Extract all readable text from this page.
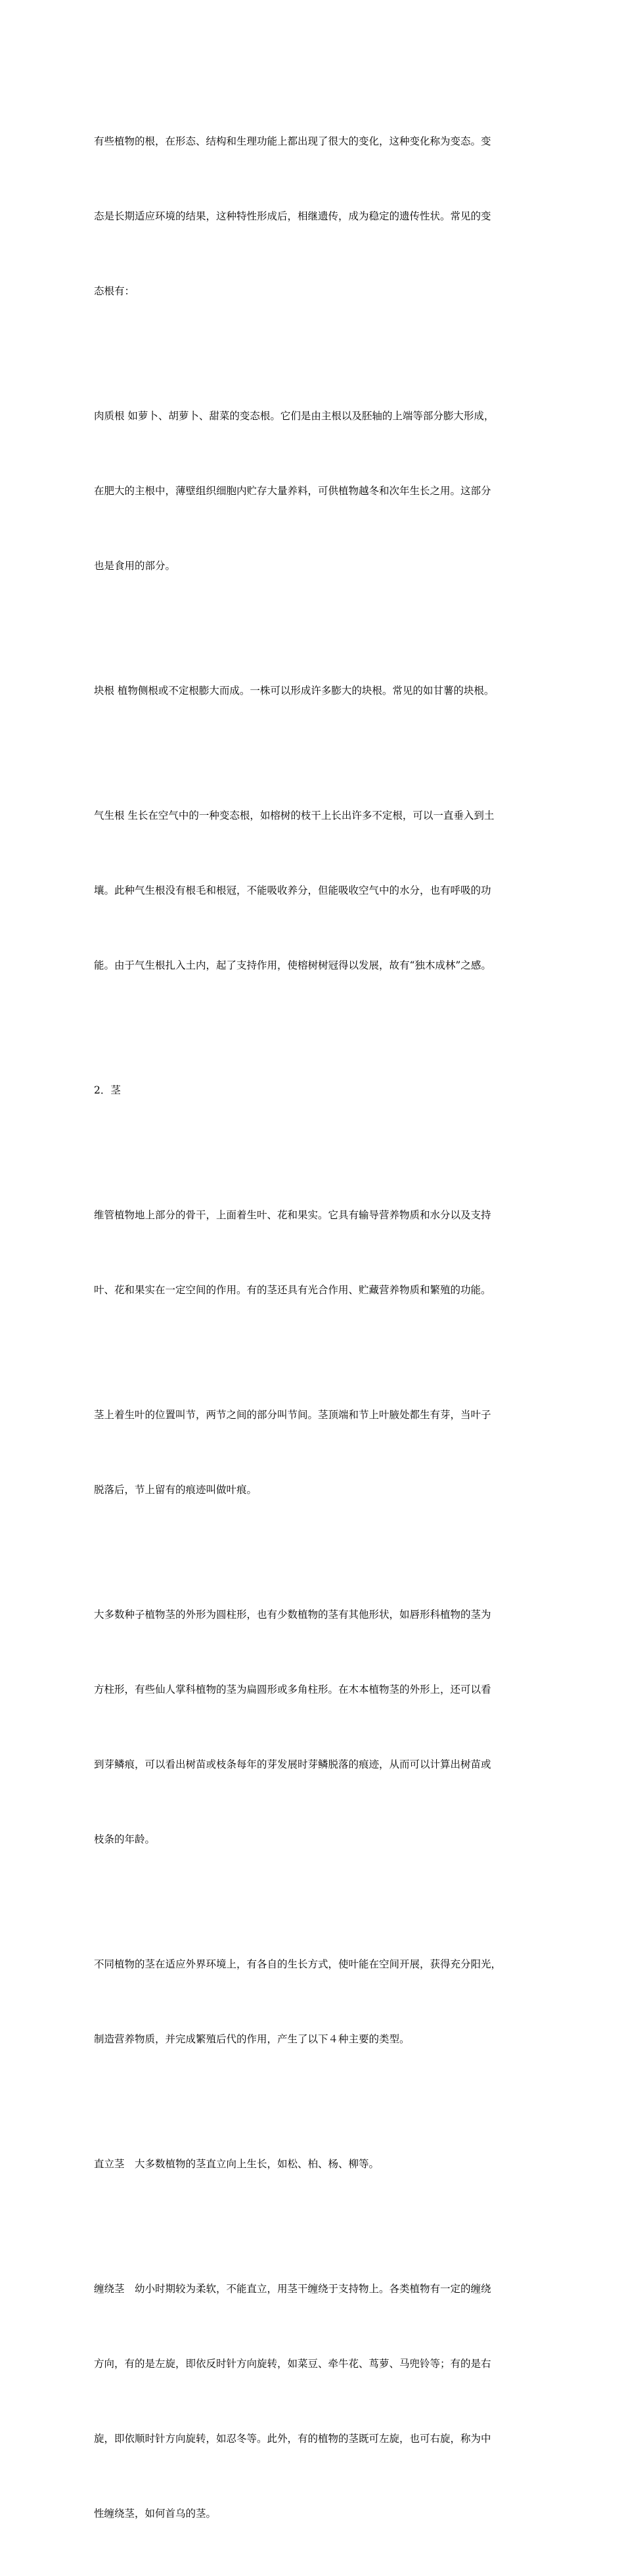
有些植物的根，在形态、结构和生理功能上都出现了很大的变化，这种变化称为变态。变

态是长期适应环境的结果，这种特性形成后，相继遗传，成为稳定的遗传性状。常见的变

态根有：

肉质根 如萝卜、胡萝卜、甜菜的变态根。它们是由主根以及胚轴的上端等部分膨大形成，

在肥大的主根中，薄壁组织细胞内贮存大量养料，可供植物越冬和次年生长之用。这部分

也是食用的部分。

块根 植物侧根或不定根膨大而成。一株可以形成许多膨大的块根。常见的如甘薯的块根。

气生根 生长在空气中的一种变态根，如榕树的枝干上长出许多不定根，可以一直垂入到土

壤。此种气生根没有根毛和根冠，不能吸收养分，但能吸收空气中的水分，也有呼吸的功

能。由于气生根扎入土内，起了支持作用，使榕树树冠得以发展，故有“独木成林”之感。

2．茎

维管植物地上部分的骨干，上面着生叶、花和果实。它具有输导营养物质和水分以及支持

叶、花和果实在一定空间的作用。有的茎还具有光合作用、贮藏营养物质和繁殖的功能。

茎上着生叶的位置叫节，两节之间的部分叫节间。茎顶端和节上叶腋处都生有芽，当叶子

脱落后，节上留有的痕迹叫做叶痕。

大多数种子植物茎的外形为圆柱形，也有少数植物的茎有其他形状，如唇形科植物的茎为

方柱形，有些仙人掌科植物的茎为扁圆形或多角柱形。在木本植物茎的外形上，还可以看

到芽鳞痕，可以看出树苗或枝条每年的芽发展时芽鳞脱落的痕迹，从而可以计算出树苗或

枝条的年龄。

不同植物的茎在适应外界环境上，有各自的生长方式，使叶能在空间开展，获得充分阳光，

制造营养物质，并完成繁殖后代的作用，产生了以下４种主要的类型。

直立茎　大多数植物的茎直立向上生长，如松、柏、杨、柳等。

缠绕茎　幼小时期较为柔软，不能直立，用茎干缠绕于支持物上。各类植物有一定的缠绕

方向，有的是左旋，即依反时针方向旋转，如菜豆、牵牛花、茑萝、马兜铃等；有的是右

旋，即依顺时针方向旋转，如忍冬等。此外，有的植物的茎既可左旋，也可右旋，称为中

性缠绕茎，如何首乌的茎。
